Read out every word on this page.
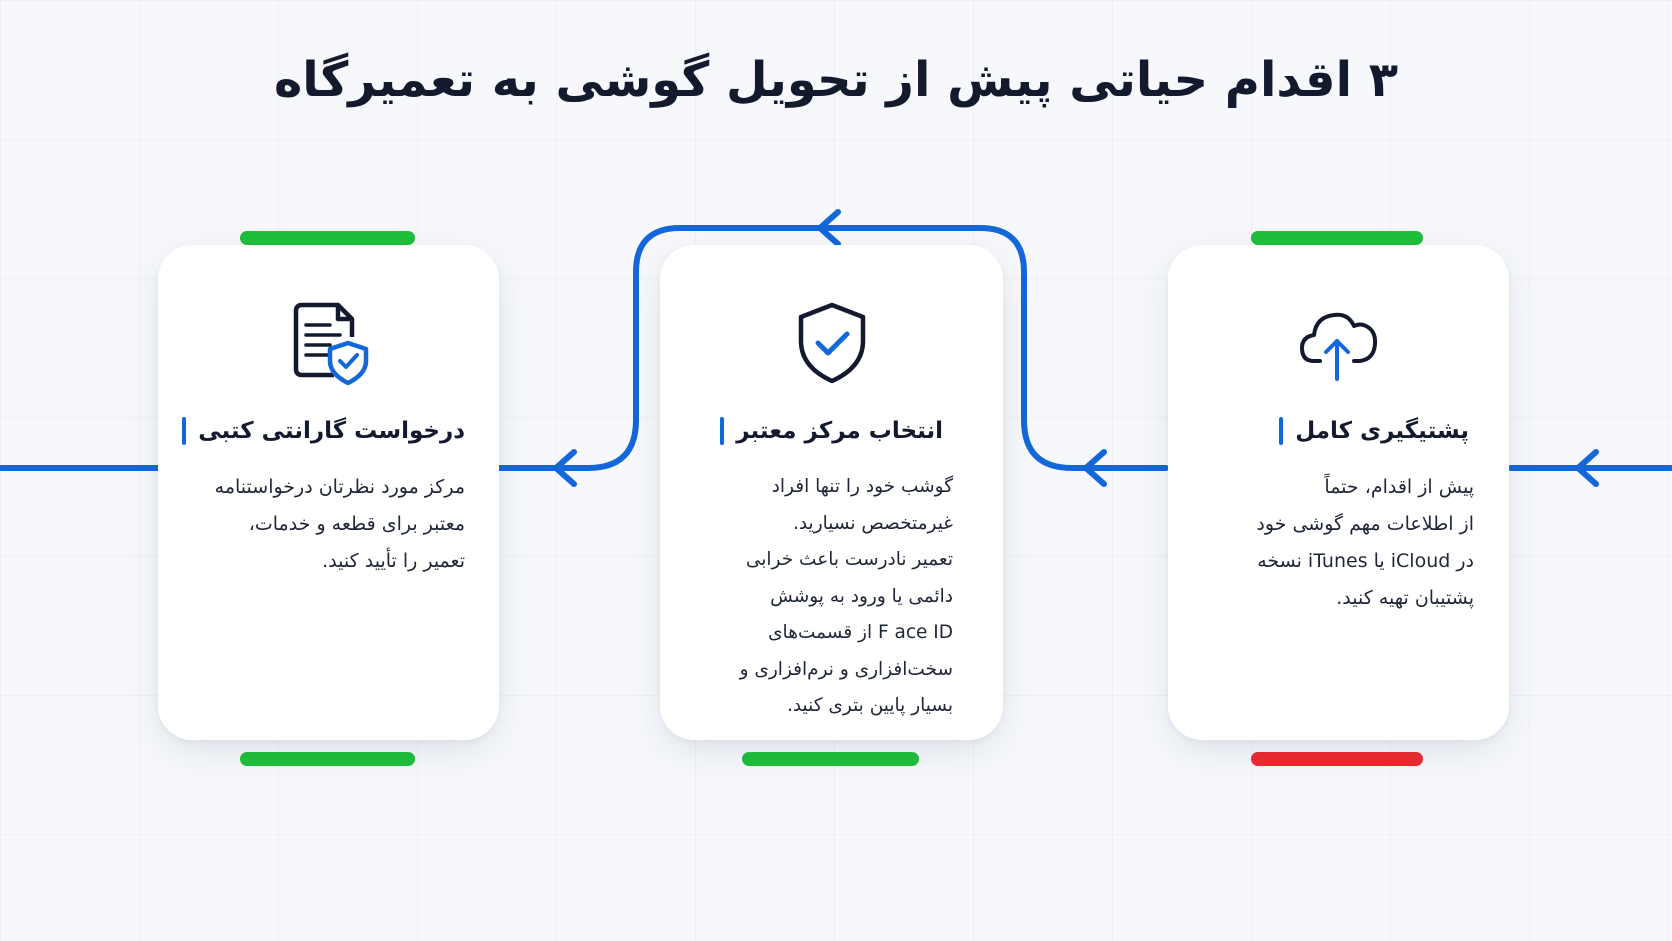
۳ اقدام حیاتی پیش از تحویل گوشی به تعمیرگاه
پشتیگیری کامل

پیش از اقدام، حتماً
از اطلاعات مهم گوشی خود
در iCloud یا iTunes نسخه
پشتیبان تهیه کنید.

انتخاب مرکز معتبر

گوشب خود را تنها افراد
غیرمتخصص نسیارید.
تعمیر نادرست باعث خرابی
دائمی یا ورود به پوشش
F ace ID از قسمت‌های
سخت‌افزاری و نرم‌افزاری و
بسیار پایین بتری کنید.

درخواست گارانتی کتبی

مرکز مورد نظرتان درخواستنامه
معتبر برای قطعه و خدمات،
تعمیر را تأیید کنید.
